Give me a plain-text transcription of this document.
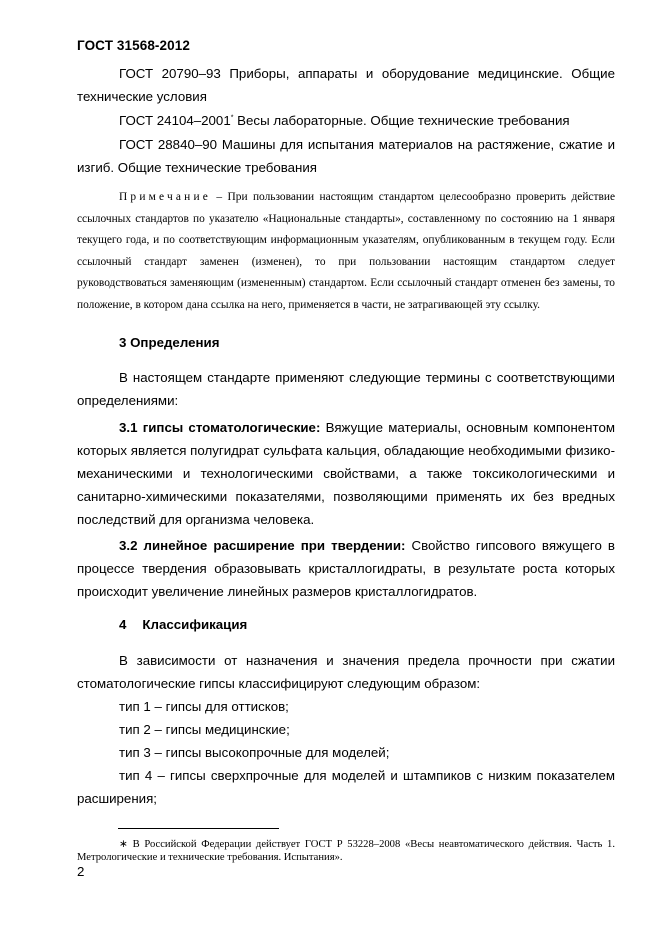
ГОСТ 31568-2012

ГОСТ 20790–93 Приборы, аппараты и оборудование медицинские. Общие технические условия

ГОСТ 24104–2001* Весы лабораторные. Общие технические требования

ГОСТ 28840–90 Машины для испытания материалов на растяжение, сжатие и изгиб. Общие технические требования

Примечание – При пользовании настоящим стандартом целесообразно проверить действие ссылочных стандартов по указателю «Национальные стандарты», составленному по состоянию на 1 января текущего года, и по соответствующим информационным указателям, опубликованным в текущем году. Если ссылочный стандарт заменен (изменен), то при пользовании настоящим стандартом следует руководствоваться заменяющим (измененным) стандартом. Если ссылочный стандарт отменен без замены, то положение, в котором дана ссылка на него, применяется в части, не затрагивающей эту ссылку.

3 Определения

В настоящем стандарте применяют следующие термины с соответствующими определениями:

3.1 гипсы стоматологические: Вяжущие материалы, основным компонентом которых является полугидрат сульфата кальция, обладающие необходимыми физико-механическими и технологическими свойствами, а также токсикологическими и санитарно-химическими показателями, позволяющими применять их без вредных последствий для организма человека.

3.2 линейное расширение при твердении: Свойство гипсового вяжущего в процессе твердения образовывать кристаллогидраты, в результате роста которых происходит увеличение линейных размеров кристаллогидратов.

4 Классификация

В зависимости от назначения и значения предела прочности при сжатии стоматологические гипсы классифицируют следующим образом:

тип 1 – гипсы для оттисков;

тип 2 – гипсы медицинские;

тип 3 – гипсы высокопрочные для моделей;

тип 4 – гипсы сверхпрочные для моделей и штампиков с низким показателем расширения;

∗ В Российской Федерации действует ГОСТ Р 53228–2008 «Весы неавтоматического действия. Часть 1. Метрологические и технические требования. Испытания».
2
